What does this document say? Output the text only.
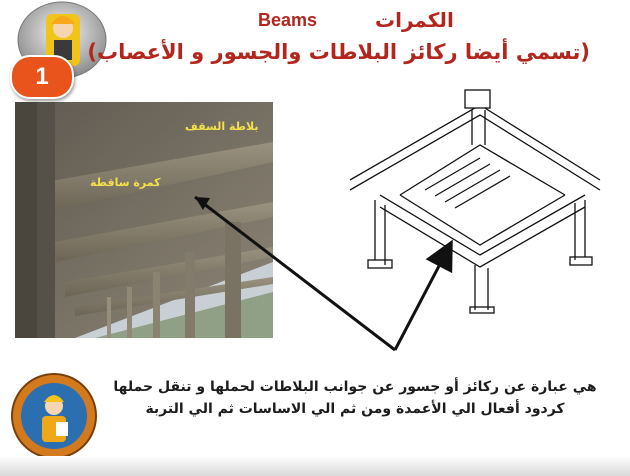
1
الكمرات
Beams
(تسمي أيضا ركائز البلاطات والجسور و الأعصاب)
بلاطة السقف
كمرة ساقطة
هي عبارة عن ركائز أو جسور عن جوانب البلاطات لحملها و تنقل حملها
كردود أفعال الي الأعمدة ومن ثم الي الاساسات ثم الي التربة
